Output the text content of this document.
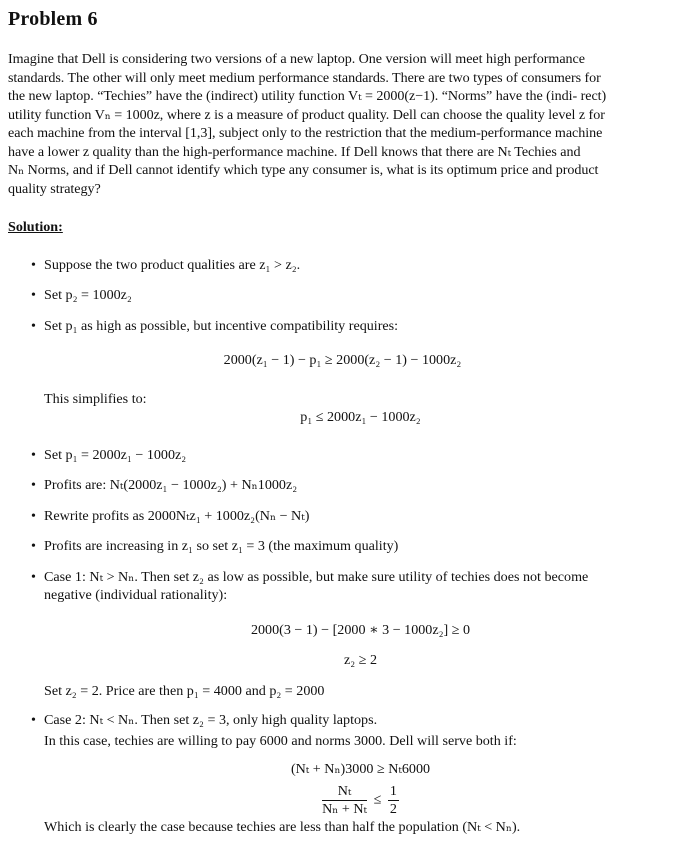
Problem 6
Imagine that Dell is considering two versions of a new laptop. One version will meet high performance
standards. The other will only meet medium performance standards. There are two types of consumers for
the new laptop. “Techies” have the (indirect) utility function Vₜ = 2000(z−1). “Norms” have the (indi- rect)
utility function Vₙ = 1000z, where z is a measure of product quality. Dell can choose the quality level z for
each machine from the interval [1,3], subject only to the restriction that the medium-performance machine
have a lower z quality than the high-performance machine. If Dell knows that there are Nₜ Techies and
Nₙ Norms, and if Dell cannot identify which type any consumer is, what is its optimum price and product
quality strategy?
Solution:
• Suppose the two product qualities are z₁ > z₂.
• Set p₂ = 1000z₂
• Set p₁ as high as possible, but incentive compatibility requires:
2000(z₁ − 1) − p₁ ≥ 2000(z₂ − 1) − 1000z₂
This simplifies to:
p₁ ≤ 2000z₁ − 1000z₂
• Set p₁ = 2000z₁ − 1000z₂
• Profits are: Nₜ(2000z₁ − 1000z₂) + Nₙ1000z₂
• Rewrite profits as 2000Nₜz₁ + 1000z₂(Nₙ − Nₜ)
• Profits are increasing in z₁ so set z₁ = 3 (the maximum quality)
• Case 1: Nₜ > Nₙ. Then set z₂ as low as possible, but make sure utility of techies does not become
negative (individual rationality):
2000(3 − 1) − [2000 ∗ 3 − 1000z₂] ≥ 0
z₂ ≥ 2
Set z₂ = 2. Price are then p₁ = 4000 and p₂ = 2000
• Case 2: Nₜ < Nₙ. Then set z₂ = 3, only high quality laptops.
In this case, techies are willing to pay 6000 and norms 3000. Dell will serve both if:
(Nₜ + Nₙ)3000 ≥ Nₜ6000
$\frac{\text{Nₜ}}{\text{Nₙ + Nₜ}} \le \frac{1}{2}$
Which is clearly the case because techies are less than half the population (Nₜ < Nₙ).
